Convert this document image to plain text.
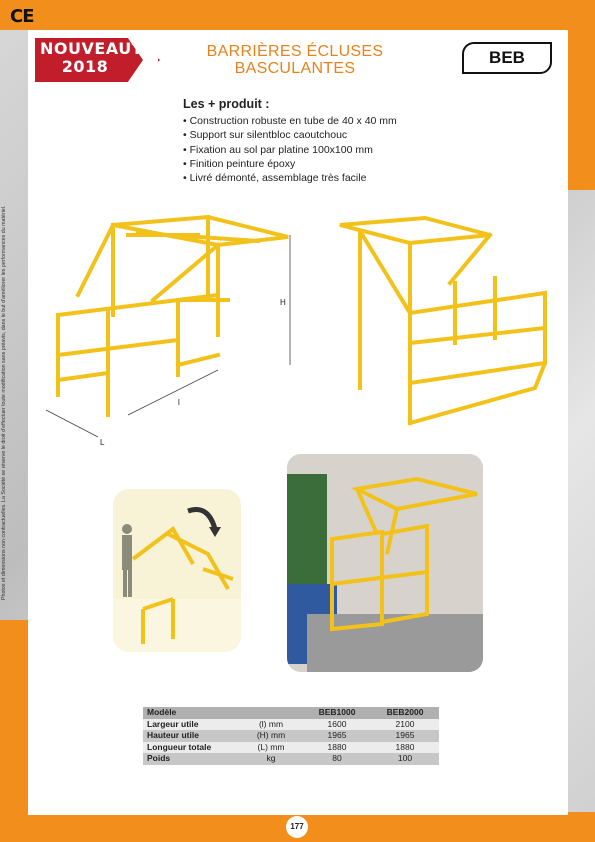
CE
Photos et dimensions non contractuelles. La Société se réserve le droit d'effectuer toute modification sans préavis, dans le but d'améliorer les performances du matériel.
NOUVEAUTE
2018
BARRIÈRES ÉCLUSES
BASCULANTES
BEB
Les + produit :
• Construction robuste en tube de 40 x 40 mm
• Support sur silentbloc caoutchouc
• Fixation au sol par platine 100x100 mm
• Finition peinture époxy
• Livré démonté, assemblage très facile
L
l
H
Modèle		BEB1000	BEB2000
Largeur utile	(l) mm	1600	2100
Hauteur utile	(H) mm	1965	1965
Longueur totale	(L) mm	1880	1880
Poids	kg	80	100
177
